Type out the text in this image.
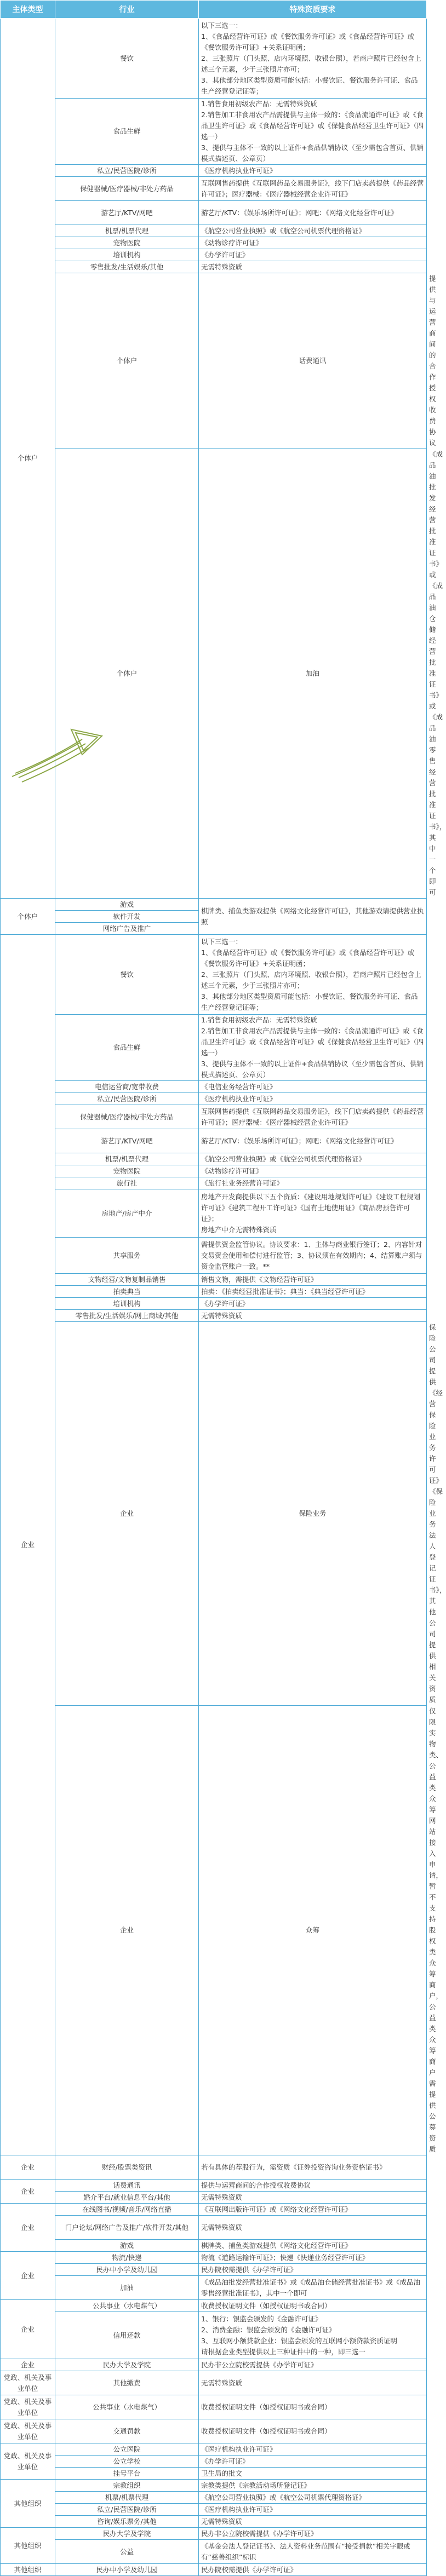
主体类型	行业	特殊资质要求	
个体户	餐饮	以下三选一：
1、《食品经营许可证》或《餐饮服务许可证》或《食品经营许可证》或《餐饮服务许可证》+关系证明函；
2、三张照片（门头照、店内环境照、收银台照），若商户照片已经包含上述三个元素，少于三张照片亦可；
3、其他部分地区类型资质可能包括：小餐饮证、餐饮服务许可证、食品生产经营登记证等；	

	食品生鲜	1.销售食用初级农产品：无需特殊资质
2.销售加工非食用农产品需提供与主体一致的：《食品流通许可证》或《食品卫生许可证》或《食品经营许可证》或《保健食品经营卫生许可证》（四选一）
3、提供与主体不一致的以上证件+食品供销协议（至少需包含首页、供销模式描述页、公章页）	

	私立/民营医院/诊所	《医疗机构执业许可证》	

	保健器械/医疗器械/非处方药品	互联网售药提供《互联网药品交易服务证》，线下门店卖药提供《药品经营许可证》；医疗器械：《医疗器械经营企业许可证》	

	游艺厅/KTV/网吧	游艺厅/KTV：《娱乐场所许可证》；网吧：《网络文化经营许可证》	

	机票/机票代理	《航空公司营业执照》或《航空公司机票代理资格证》	

	宠物医院	《动物诊疗许可证》	

	培训机构	《办学许可证》	

	零售批发/生活娱乐/其他	无需特殊资质	

	个体户	话费通讯	提供与运营商间的合作授权收费协议

	个体户	加油	《成品油批发经营批准证书》或《成品油仓储经营批准证书》或《成品油零售经营批准证书》，其中一个即可

个体户	游戏	棋牌类、捕鱼类游戏提供《网络文化经营许可证》，其他游戏请提供营业执照	

	软件开发		
	网络广告及推广		
企业	餐饮	以下三选一：
1、《食品经营许可证》或《餐饮服务许可证》或《食品经营许可证》或《餐饮服务许可证》+关系证明函；
2、三张照片（门头照、店内环境照、收银台照），若商户照片已经包含上述三个元素，少于三张照片亦可；
3、其他部分地区类型资质可能包括：小餐饮证、餐饮服务许可证、食品生产经营登记证等；	

	食品生鲜	1.销售食用初级农产品：无需特殊资质
2.销售加工非食用农产品需提供与主体一致的：《食品流通许可证》或《食品卫生许可证》或《食品经营许可证》或《保健食品经营卫生许可证》（四选一）
3、提供与主体不一致的以上证件+食品供销协议（至少需包含首页、供销模式描述页、公章页）	

	电信运营商/宽带收费	《电信业务经营许可证》	

	私立/民营医院/诊所	《医疗机构执业许可证》	

	保健器械/医疗器械/非处方药品	互联网售药提供《互联网药品交易服务证》，线下门店卖药提供《药品经营许可证》；医疗器械：《医疗器械经营企业许可证》	

	游艺厅/KTV/网吧	游艺厅/KTV：《娱乐场所许可证》；网吧：《网络文化经营许可证》	

	机票/机票代理	《航空公司营业执照》或《航空公司机票代理资格证》	

	宠物医院	《动物诊疗许可证》	

	旅行社	《旅行社业务经营许可证》	

	房地产/房产中介	房地产开发商提供以下五个资质：《建设用地规划许可证》《建设工程规划许可证》《建筑工程开工许可证》《国有土地使用证》《商品房预售许可证》；
房地产中介无需特殊资质	

	共享服务	需提供资金监管协议。协议要求：1、主体与商业银行签订；2、内容针对交易资金使用和偿付进行监管；3、协议须在有效期内；4、结算账户须与资金监管账户一致。**	

	文物经营/文物复制品销售	销售文物，需提供《文物经营许可证》	

	拍卖典当	拍卖：《拍卖经营批准证书》；典当：《典当经营许可证》	

	培训机构	《办学许可证》	

	零售批发/生活娱乐/网上商城/其他	无需特殊资质	

	企业	保险业务	保险公司提供《经营保险业务许可证》《保险业务法人登记证书》，其他公司提供相关资质

	企业	众筹	仅限实物类、公益类众筹网站接入申请，暂不支持股权类众筹商户，公益类众筹商户需提供公募资质

企业	财经/股票类资讯	若有具体的荐股行为，需资质《证券投资咨询业务资格证书》	

企业	话费通讯	提供与运营商间的合作授权收费协议	

	婚介平台/就业信息平台/其他	无需特殊资质	

企业	在线图书/视频/音乐/网络直播	《互联网出版许可证》或《网络文化经营许可证》	

	门户论坛/网络广告及推广/软件开发/其他	无需特殊资质	

	游戏	棋牌类、捕鱼类游戏提供《网络文化经营许可证》	

企业	物流/快递	物流《道路运输许可证》；快递《快递业务经营许可证》	

	民办中小学及幼儿园	民办院校需提供《办学许可证》	

	加油	《成品油批发经营批准证书》或《成品油仓储经营批准证书》或《成品油零售经营批准证书》，其中一个即可	

企业	公共事业（水电煤气）	收费授权证明文件（如授权证明书或合同）	

	信用还款	1、银行：银监会颁发的《金融许可证》
2、消费金融：银监会颁发的《金融许可证》
3、互联网小额贷款企业：银监会颁发的互联网小额贷款资质证明
请根据企业类型提供以上三种证件中的一种，即三选一	

企业	民办大学及学院	民办非公立院校需提供《办学许可证》	

党政、机关及事业单位	其他缴费	无需特殊资质	

党政、机关及事业单位	公共事业（水电煤气）	收费授权证明文件（如授权证明书或合同）	

党政、机关及事业单位	交通罚款	收费授权证明文件（如授权证明书或合同）	

党政、机关及事业单位	公立医院	《医疗机构执业许可证》	

	公立学校	《办学许可证》	

	挂号平台	卫生局的批文	

其他组织	宗教组织	宗教类提供《宗教活动场所登记证》	

	机票/机票代理	《航空公司营业执照》或《航空公司机票代理资格证》	

	私立/民营医院/诊所	《医疗机构执业许可证》	

	咨询/娱乐票务/其他	无需特殊资质	

其他组织	民办大学及学院	民办非公立院校需提供《办学许可证》	

	公益	《基金会法人登记证书》、法人资料业务范围有“接受捐款”相关字眼或有“慈善组织”标识	

其他组织	民办中小学及幼儿园	民办院校需提供《办学许可证》	
